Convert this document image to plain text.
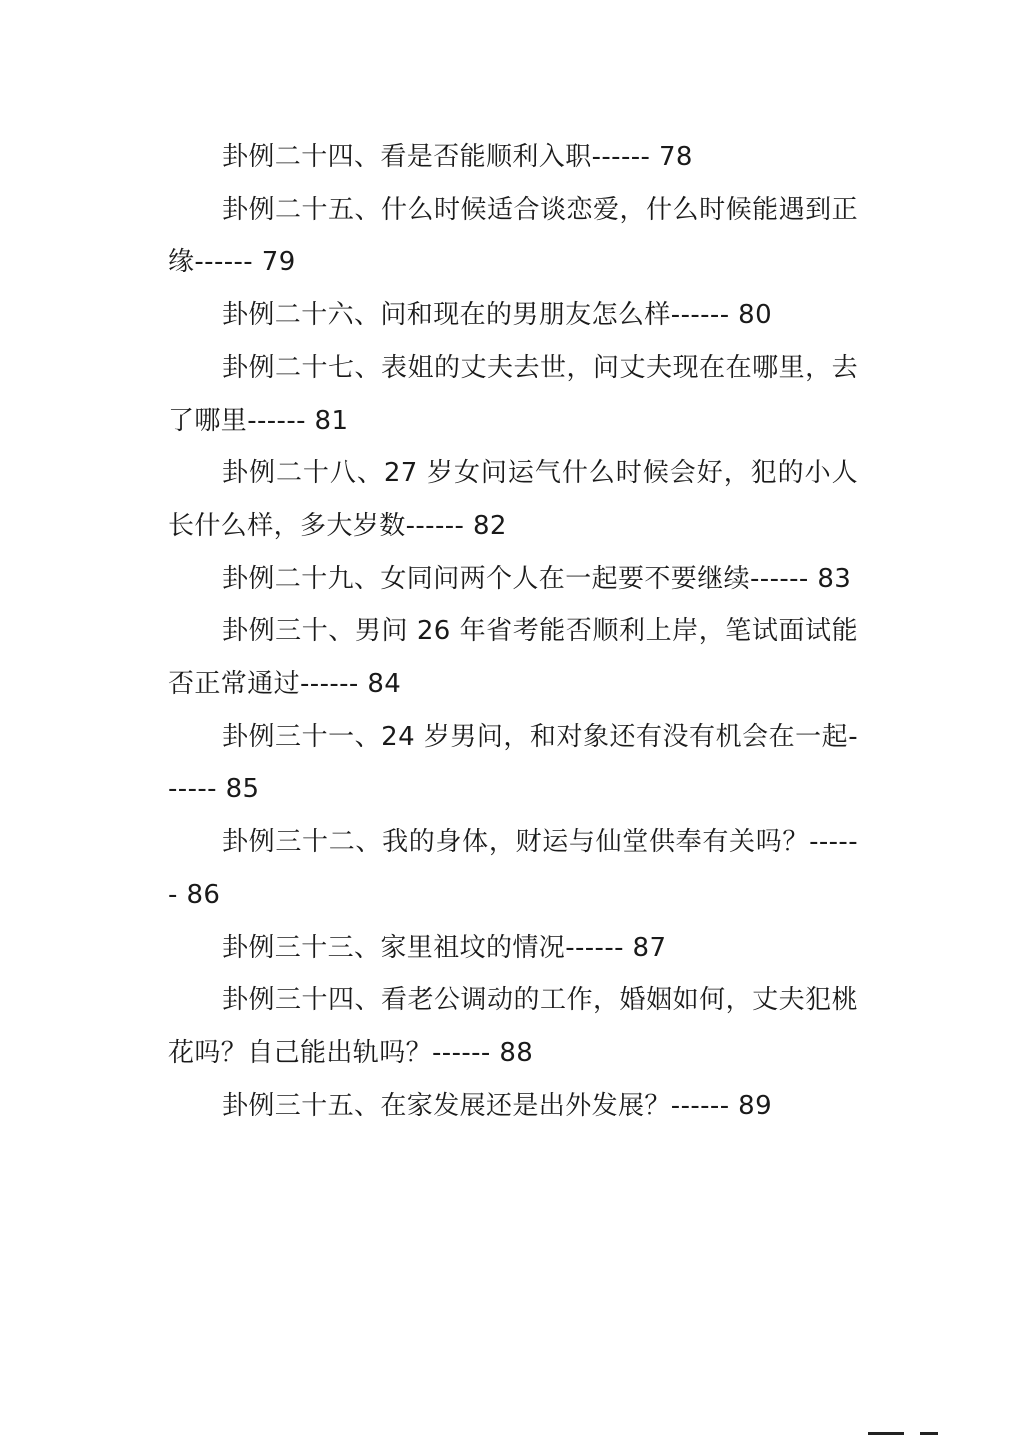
卦例二十四、看是否能顺利入职------ 78

卦例二十五、什么时候适合谈恋爱，什么时候能遇到正缘------ 79

卦例二十六、问和现在的男朋友怎么样------ 80

卦例二十七、表姐的丈夫去世，问丈夫现在在哪里，去了哪里------ 81

卦例二十八、27 岁女问运气什么时候会好，犯的小人长什么样，多大岁数------ 82

卦例二十九、女同问两个人在一起要不要继续------ 83

卦例三十、男问 26 年省考能否顺利上岸，笔试面试能否正常通过------ 84

卦例三十一、24 岁男问，和对象还有没有机会在一起------ 85

卦例三十二、我的身体，财运与仙堂供奉有关吗？------ 86

卦例三十三、家里祖坟的情况------ 87

卦例三十四、看老公调动的工作，婚姻如何，丈夫犯桃花吗？自己能出轨吗？------ 88

卦例三十五、在家发展还是出外发展？------ 89
